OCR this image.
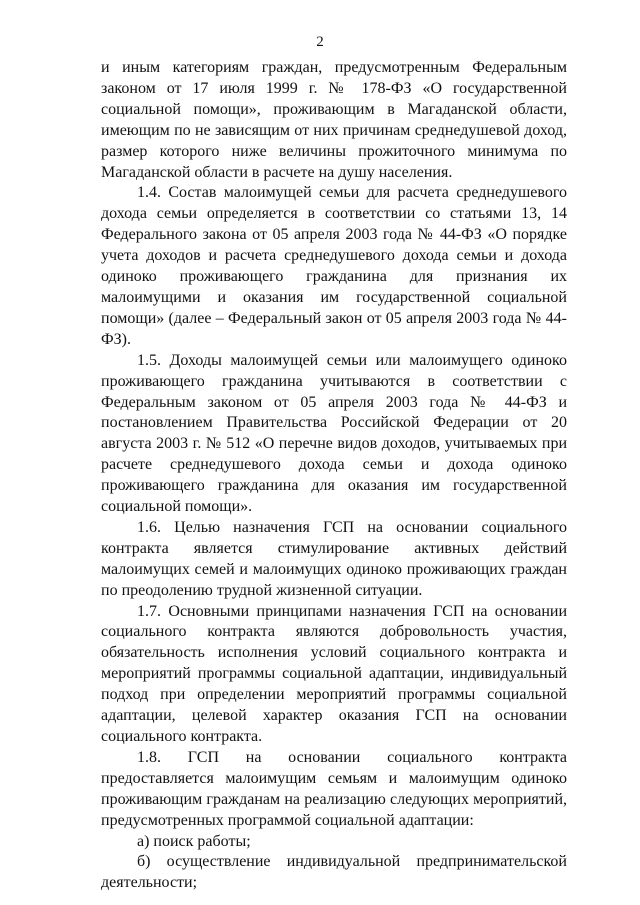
2

и иным категориям граждан, предусмотренным Федеральным законом от 17 июля 1999 г. № 178-ФЗ «О государственной социальной помощи», проживающим в Магаданской области, имеющим по не зависящим от них причинам среднедушевой доход, размер которого ниже величины прожиточного минимума по Магаданской области в расчете на душу населения.

1.4. Состав малоимущей семьи для расчета среднедушевого дохода семьи определяется в соответствии со статьями 13, 14 Федерального закона от 05 апреля 2003 года № 44-ФЗ «О порядке учета доходов и расчета среднедушевого дохода семьи и дохода одиноко проживающего гражданина для признания их малоимущими и оказания им государственной социальной помощи» (далее – Федеральный закон от 05 апреля 2003 года № 44-ФЗ).

1.5. Доходы малоимущей семьи или малоимущего одиноко проживающего гражданина учитываются в соответствии с Федеральным законом от 05 апреля 2003 года № 44-ФЗ и постановлением Правительства Российской Федерации от 20 августа 2003 г. № 512 «О перечне видов доходов, учитываемых при расчете среднедушевого дохода семьи и дохода одиноко проживающего гражданина для оказания им государственной социальной помощи».

1.6. Целью назначения ГСП на основании социального контракта является стимулирование активных действий малоимущих семей и малоимущих одиноко проживающих граждан по преодолению трудной жизненной ситуации.

1.7. Основными принципами назначения ГСП на основании социального контракта являются добровольность участия, обязательность исполнения условий социального контракта и мероприятий программы социальной адаптации, индивидуальный подход при определении мероприятий программы социальной адаптации, целевой характер оказания ГСП на основании социального контракта.

1.8. ГСП на основании социального контракта предоставляется малоимущим семьям и малоимущим одиноко проживающим гражданам на реализацию следующих мероприятий, предусмотренных программой социальной адаптации:

а) поиск работы;

б) осуществление индивидуальной предпринимательской деятельности;
